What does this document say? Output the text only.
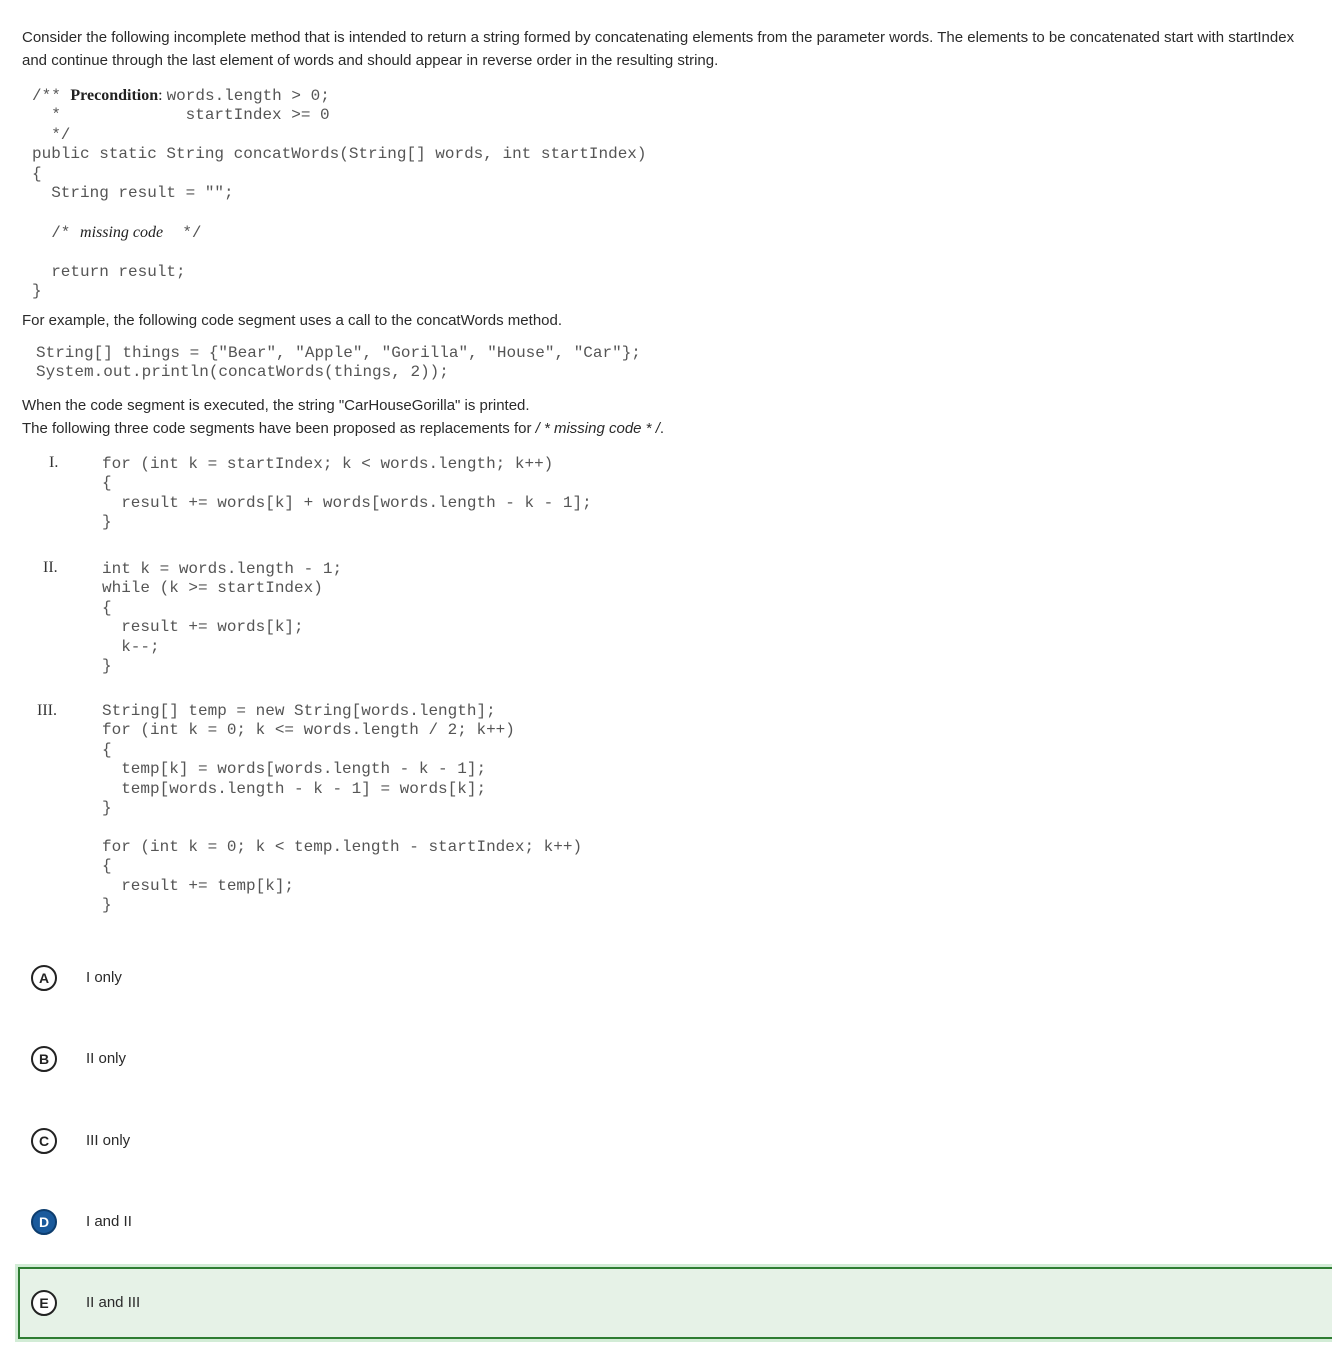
Consider the following incomplete method that is intended to return a string formed by concatenating elements from the parameter words. The elements to be concatenated start with startIndex and continue through the last element of words and should appear in reverse order in the resulting string.

/** Precondition: words.length > 0;
*             startIndex >= 0
*/
public static String concatWords(String[] words, int startIndex)
{
String result = "";

/* missing code  */

return result;
}

For example, the following code segment uses a call to the concatWords method.

String[] things = {"Bear", "Apple", "Gorilla", "House", "Car"};
System.out.println(concatWords(things, 2));

When the code segment is executed, the string "CarHouseGorilla" is printed.

The following three code segments have been proposed as replacements for / * missing code * /.

I.	for (int k = startIndex; k < words.length; k++)
{
result += words[k] + words[words.length - k - 1];
}
II.	int k = words.length - 1;
while (k >= startIndex)
{
result += words[k];
k--;
}
III.	String[] temp = new String[words.length];
for (int k = 0; k <= words.length / 2; k++)
{
temp[k] = words[words.length - k - 1];
temp[words.length - k - 1] = words[k];
}

for (int k = 0; k < temp.length - startIndex; k++)
{
result += temp[k];
}
A	I only
B	II only
C	III only
D	I and II
E	II and III
